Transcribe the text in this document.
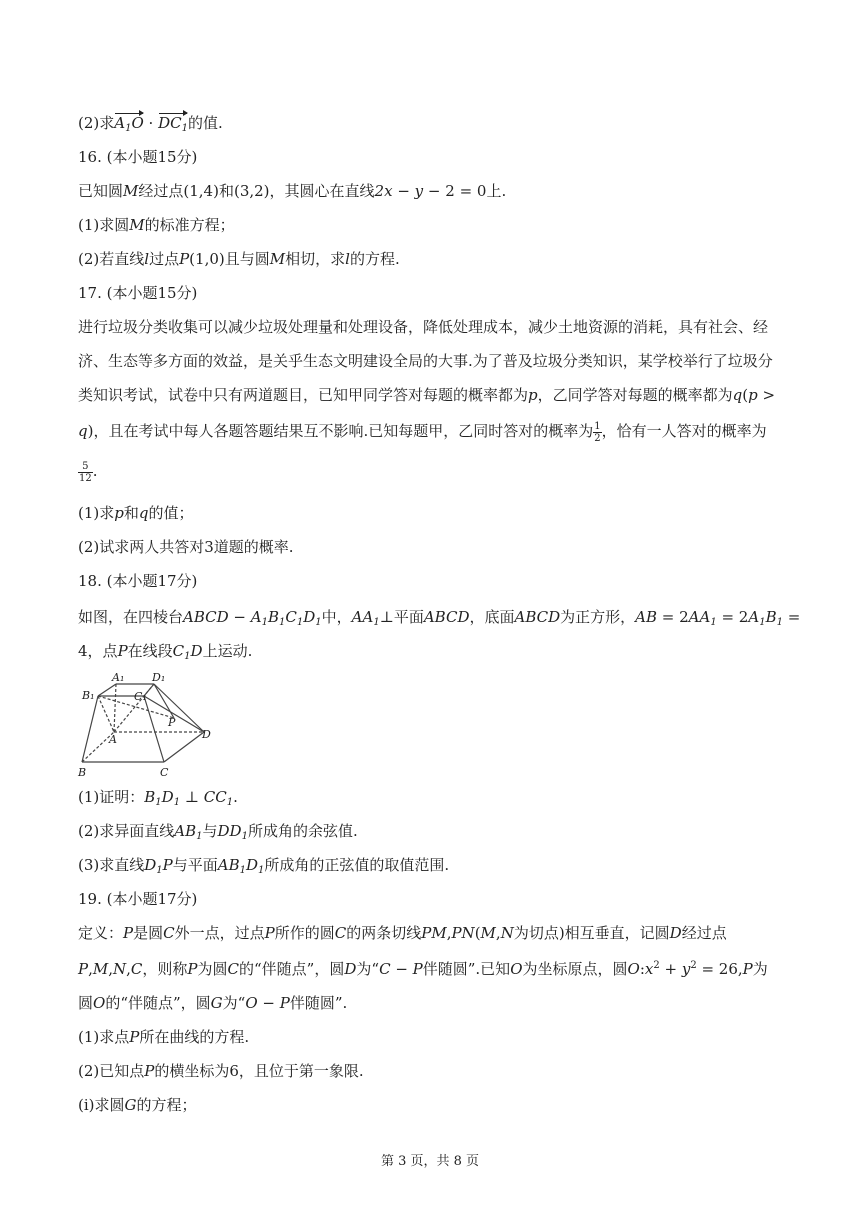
(2)求$A_1O \cdot DC_1$的值.
16. (本小题15分)
已知圆M经过点(1,4)和(3,2)，其圆心在直线2x − y − 2 = 0上.
(1)求圆M的标准方程；
(2)若直线l过点P(1,0)且与圆M相切，求l的方程.
17. (本小题15分)
进行垃圾分类收集可以减少垃圾处理量和处理设备，降低处理成本，减少土地资源的消耗，具有社会、经
济、生态等多方面的效益，是关乎生态文明建设全局的大事.为了普及垃圾分类知识，某学校举行了垃圾分
类知识考试，试卷中只有两道题目，已知甲同学答对每题的概率都为p，乙同学答对每题的概率都为q(p >
q)，且在考试中每人各题答题结果互不影响.已知每题甲，乙同时答对的概率为 $\frac{1}{2}$ ，恰有一人答对的概率为
$\frac{5}{12}$ .
(1)求p和q的值；
(2)试求两人共答对3道题的概率.
18. (本小题17分)
如图，在四棱台ABCD − $A_1B_1C_1D_1$中，$AA_1\perp$平面ABCD，底面ABCD为正方形，AB = $2AA_1 = 2A_1B_1$ =
4，点P在线段$C_1D$上运动.
A₁	D₁
B₁	C₁
A
B	C
D
P
(1)证明：$B_1D_1$ ⊥ $CC_1$.
(2)求异面直线$AB_1$与$DD_1$所成角的余弦值.
(3)求直线$D_1P$与平面$AB_1D_1$所成角的正弦值的取值范围.
19. (本小题17分)
定义：P是圆C外一点，过点P所作的圆C的两条切线PM,PN(M,N为切点)相互垂直，记圆D经过点
P,M,N,C，则称P为圆C的“伴随点”，圆D为“C − P伴随圆”.已知O为坐标原点，圆$O:x^2 + y^2 = 26,P$为
圆O的“伴随点”，圆G为“O − P伴随圆”.
(1)求点P所在曲线的方程.
(2)已知点P的横坐标为6，且位于第一象限.
(i)求圆G的方程；
第 3 页，共 8 页
